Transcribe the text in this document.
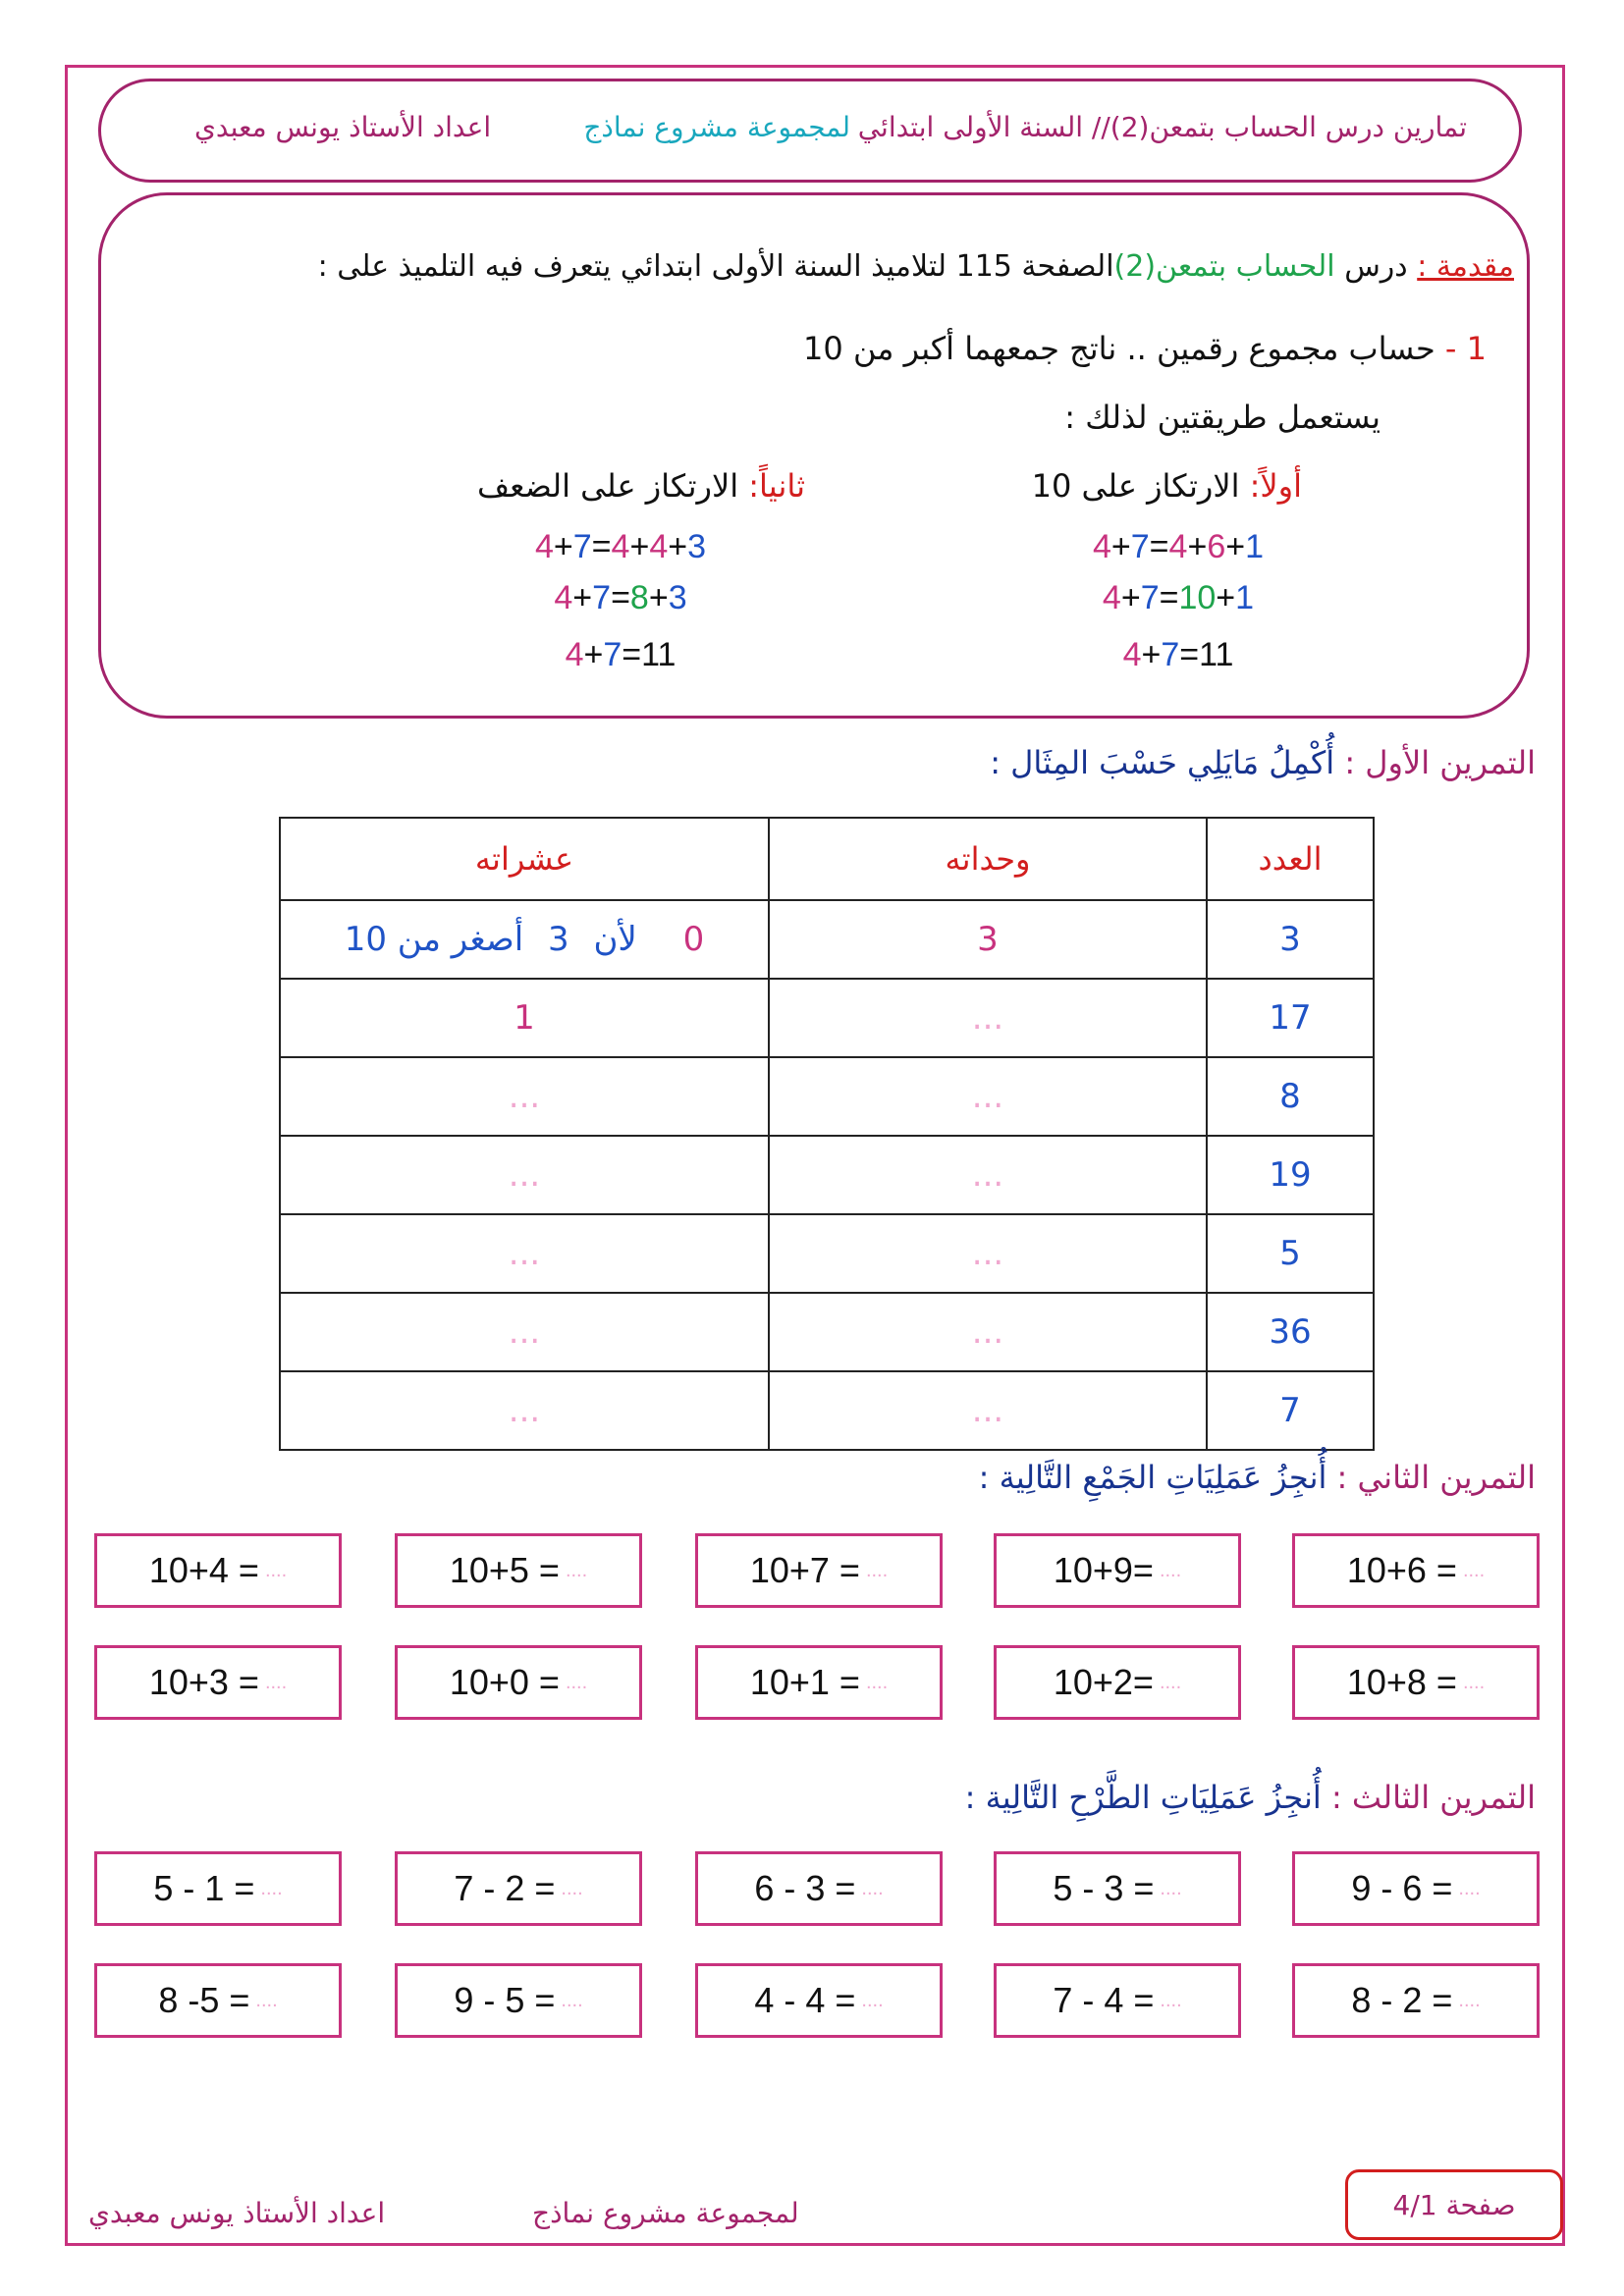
تمارين درس الحساب بتمعن(2)// السنة الأولى ابتدائي
لمجموعة مشروع نماذج
اعداد الأستاذ يونس معبدي
مقدمة : درس الحساب بتمعن(2)الصفحة 115 لتلاميذ السنة الأولى ابتدائي يتعرف فيه التلميذ على :
1 - حساب مجموع رقمين .. ناتج جمعهما أكبر من 10
يستعمل طريقتين لذلك :
أولاً: الارتكاز على 10
ثانياً: الارتكاز على الضعف
4+7=4+6+1
4+7=10+1
4+7=11
4+7=4+4+3
4+7=8+3
4+7=11
التمرين الأول : أُكْمِلُ مَايَلِي حَسْبَ المِثَال :
العدد	وحداته	عشراته
3	3	0 لأن 3 أصغر من 10
17	...	1
8	...	...
19	...	...
5	...	...
36	...	...
7	...	...
التمرين الثاني : أُنجِزُ عَمَلِيَاتِ الجَمْعِ التَّالِية :
10+6 = ....
10+9= ....
10+7 = ....
10+5 = ....
10+4 = ....
10+8 = ....
10+2= ....
10+1 = ....
10+0 = ....
10+3 = ....
التمرين الثالث : أُنجِزُ عَمَلِيَاتِ الطَّرْحِ التَّالِية :
9 - 6 = ....
5 - 3 = ....
6 - 3 = ....
7 - 2 = ....
5 - 1 = ....
8 - 2 = ....
7 - 4 = ....
4 - 4 = ....
9 - 5 = ....
8 -5 = ....
اعداد الأستاذ يونس معبدي	لمجموعة مشروع نماذج	صفحة

4/1
